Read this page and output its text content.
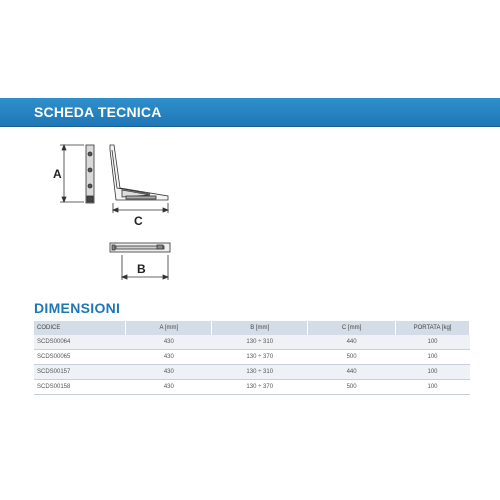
SCHEDA TECNICA
A
C
B
DIMENSIONI
CODICE	A [mm]	B [mm]	C [mm]	PORTATA [kg]
SCDS00064	430	130 ÷ 310	440	100
SCDS00065	430	130 ÷ 370	500	100
SCDS00157	430	130 ÷ 310	440	100
SCDS00158	430	130 ÷ 370	500	100
